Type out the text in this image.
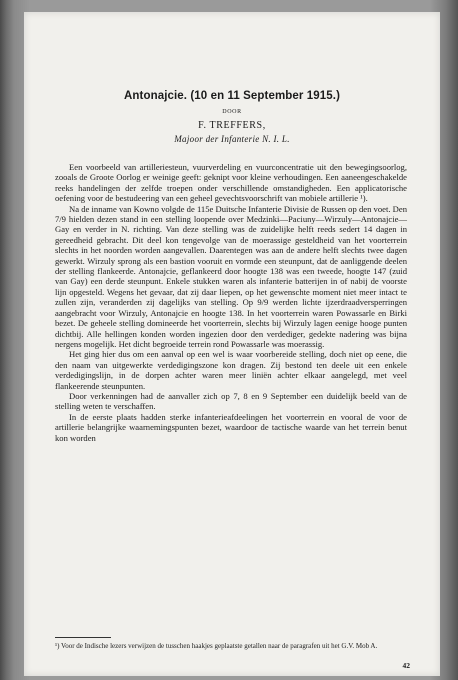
Antonajcie. (10 en 11 September 1915.)
DOOR
F. TREFFERS,
Majoor der Infanterie N. I. L.

Een voorbeeld van artilleriesteun, vuurverdeling en vuurconcentratie uit den bewegingsoorlog, zooals de Groote Oorlog er weinige geeft: geknipt voor kleine verhoudingen. Een aaneengeschakelde reeks handelingen der zelfde troepen onder verschillende omstandigheden. Een applicatorische oefening voor de bestudeering van een geheel gevechtsvoorschrift van mobiele artillerie ¹).

Na de inname van Kowno volgde de 115e Duitsche Infanterie Divisie de Russen op den voet. Den 7/9 hielden dezen stand in een stelling loopende over Medzinki—Paciuny—Wirzuly—Antonajcie—Gay en verder in N. richting. Van deze stelling was de zuidelijke helft reeds sedert 14 dagen in gereedheid gebracht. Dit deel kon tengevolge van de moerassige gesteldheid van het voorterrein slechts in het noorden worden aangevallen. Daarentegen was aan de andere helft slechts twee dagen gewerkt. Wirzuly sprong als een bastion vooruit en vormde een steunpunt, dat de aanliggende deelen der stelling flankeerde. Antonajcie, geflankeerd door hoogte 138 was een tweede, hoogte 147 (zuid van Gay) een derde steunpunt. Enkele stukken waren als infanterie batterijen in of nabij de voorste lijn opgesteld. Wegens het gevaar, dat zij daar liepen, op het gewenschte moment niet meer intact te zullen zijn, veranderden zij dagelijks van stelling. Op 9/9 werden lichte ijzerdraadversperringen aangebracht voor Wirzuly, Antonajcie en hoogte 138. In het voorterrein waren Powassarle en Birki bezet. De geheele stelling domineerde het voorterrein, slechts bij Wirzuly lagen eenige hooge punten dichtbij. Alle hellingen konden worden ingezien door den verdediger, gedekte nadering was bijna nergens mogelijk. Het dicht begroeide terrein rond Powassarle was moerassig.

Het ging hier dus om een aanval op een wel is waar voorbereide stelling, doch niet op eene, die den naam van uitgewerkte verdedigingszone kon dragen. Zij bestond ten deele uit een enkele verdedigingslijn, in de dorpen achter waren meer liniën achter elkaar aangelegd, met veel flankeerende steunpunten.

Door verkenningen had de aanvaller zich op 7, 8 en 9 September een duidelijk beeld van de stelling weten te verschaffen.

In de eerste plaats hadden sterke infanterieafdeelingen het voorterrein en vooral de voor de artillerie belangrijke waarnemingspunten bezet, waardoor de tactische waarde van het terrein benut kon worden

¹) Voor de Indische lezers verwijzen de tusschen haakjes geplaatste getallen naar de paragrafen uit het G.V. Mob A.
42
